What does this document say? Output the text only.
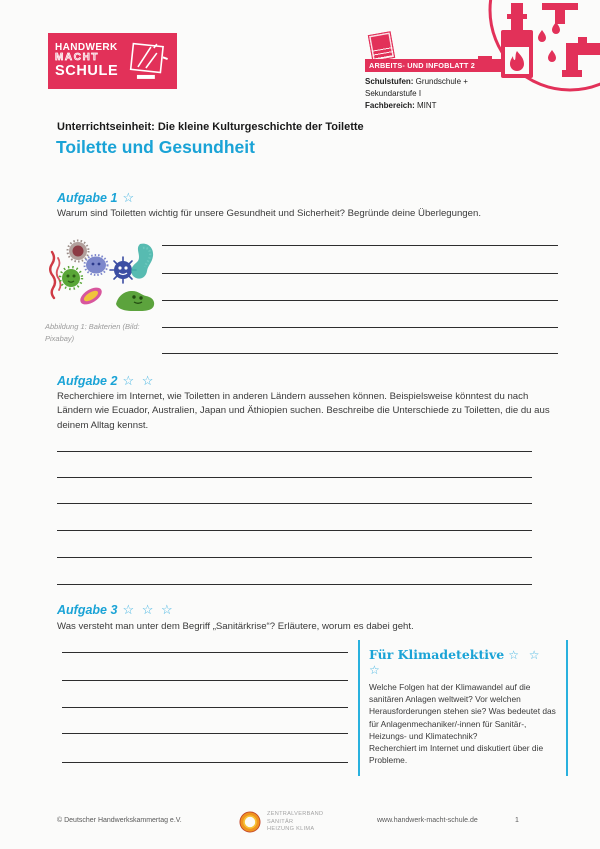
HANDWERK
MACHT
SCHULE	ARBEITS- UND INFOBLATT 2
Schulstufen: Grundschule + Sekundarstufe I
Fachbereich: MINT
Unterrichtseinheit: Die kleine Kulturgeschichte der Toilette
Toilette und Gesundheit
Aufgabe 1 ☆
Warum sind Toiletten wichtig für unsere Gesundheit und Sicherheit? Begründe deine Überlegungen.
Abbildung 1: Bakterien (Bild: Pixabay)
Aufgabe 2 ☆ ☆
Recherchiere im Internet, wie Toiletten in anderen Ländern aussehen können. Beispielsweise könntest du nach Ländern wie Ecuador, Australien, Japan und Äthiopien suchen. Beschreibe die Unterschiede zu Toiletten, die du aus deinem Alltag kennst.
Aufgabe 3 ☆ ☆ ☆
Was versteht man unter dem Begriff „Sanitärkrise“? Erläutere, worum es dabei geht.
Für Klimadetektive ☆ ☆ ☆

Welche Folgen hat der Klimawandel auf die sanitären Anlagen weltweit? Vor welchen Herausforderungen stehen sie? Was bedeutet das für Anlagenmechaniker/-innen für Sanitär-, Heizungs- und Klimatechnik?

Recherchiert im Internet und diskutiert über die Probleme.

© Deutscher Handwerkskammertag e.V.
ZENTRALVERBAND
SANITÄR
HEIZUNG KLIMA
www.handwerk-macht-schule.de	1
